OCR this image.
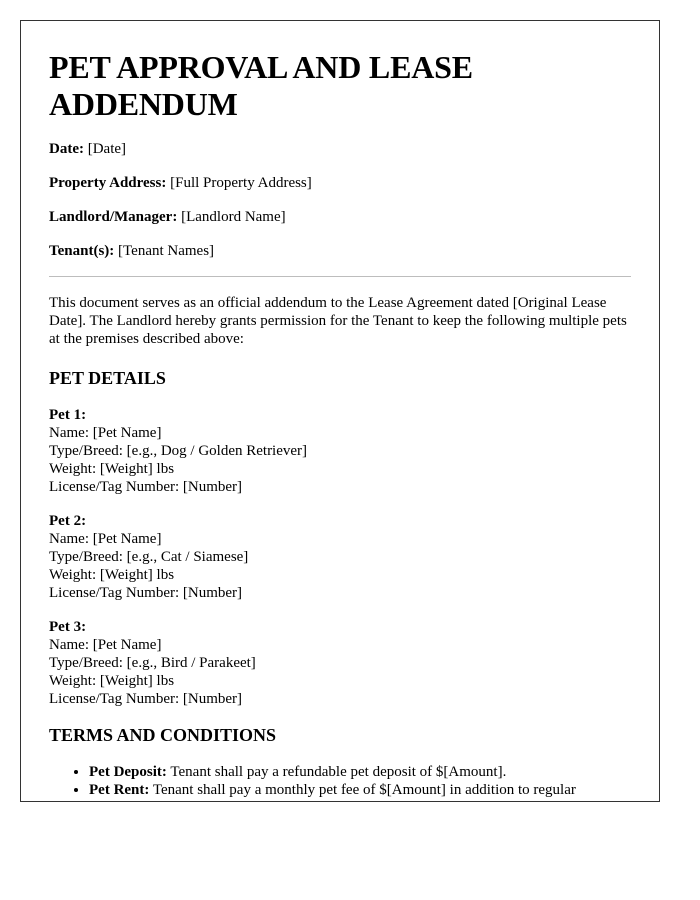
PET APPROVAL AND LEASE
ADDENDUM

Date: [Date]

Property Address: [Full Property Address]

Landlord/Manager: [Landlord Name]

Tenant(s): [Tenant Names]

This document serves as an official addendum to the Lease Agreement dated [Original Lease Date]. The Landlord hereby grants permission for the Tenant to keep the following multiple pets at the premises described above:

PET DETAILS
Pet 1:
Name: [Pet Name]
Type/Breed: [e.g., Dog / Golden Retriever]
Weight: [Weight] lbs
License/Tag Number: [Number]
Pet 2:
Name: [Pet Name]
Type/Breed: [e.g., Cat / Siamese]
Weight: [Weight] lbs
License/Tag Number: [Number]
Pet 3:
Name: [Pet Name]
Type/Breed: [e.g., Bird / Parakeet]
Weight: [Weight] lbs
License/Tag Number: [Number]
TERMS AND CONDITIONS
• Pet Deposit: Tenant shall pay a refundable pet deposit of $[Amount].
• Pet Rent: Tenant shall pay a monthly pet fee of $[Amount] in addition to regular
